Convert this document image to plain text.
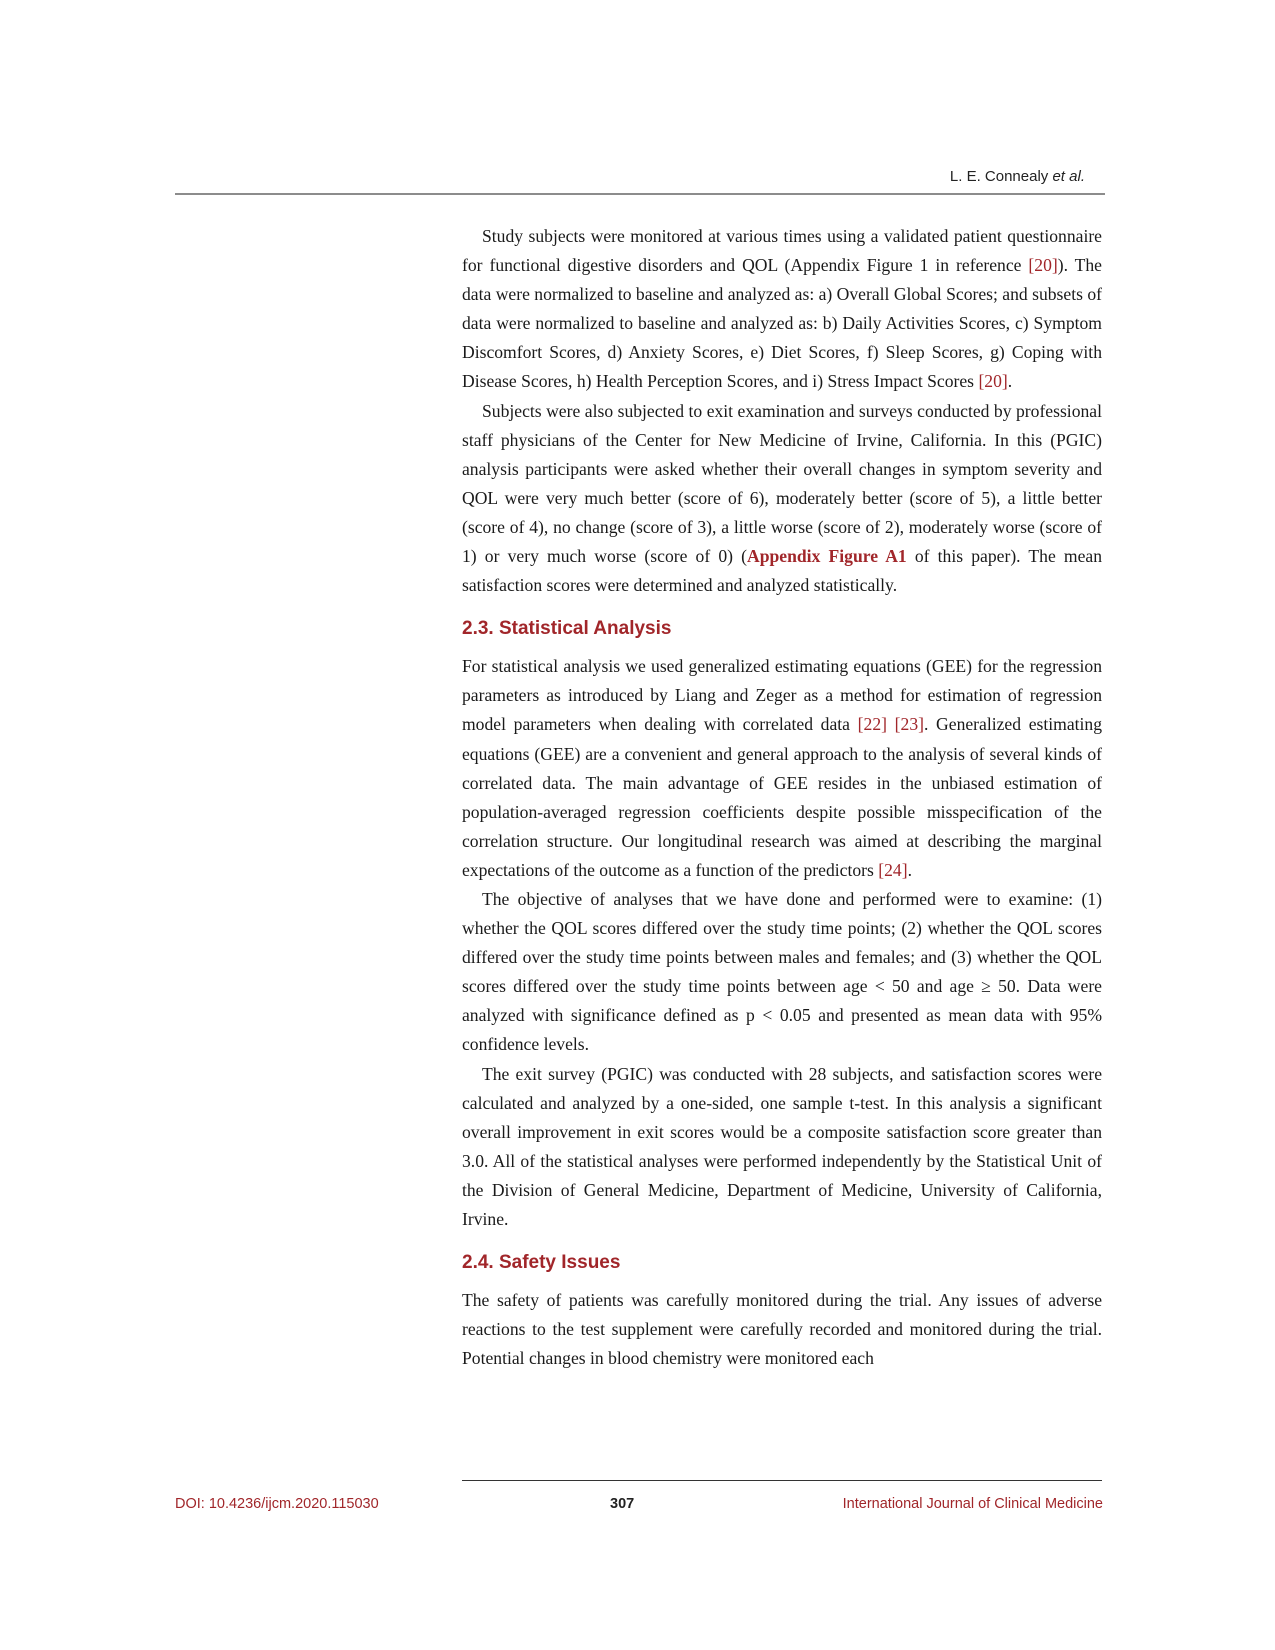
L. E. Connealy et al.

Study subjects were monitored at various times using a validated patient questionnaire for functional digestive disorders and QOL (Appendix Figure 1 in reference [20]). The data were normalized to baseline and analyzed as: a) Overall Global Scores; and subsets of data were normalized to baseline and analyzed as: b) Daily Activities Scores, c) Symptom Discomfort Scores, d) Anxiety Scores, e) Diet Scores, f) Sleep Scores, g) Coping with Disease Scores, h) Health Perception Scores, and i) Stress Impact Scores [20].

Subjects were also subjected to exit examination and surveys conducted by professional staff physicians of the Center for New Medicine of Irvine, California. In this (PGIC) analysis participants were asked whether their overall changes in symptom severity and QOL were very much better (score of 6), moderately better (score of 5), a little better (score of 4), no change (score of 3), a little worse (score of 2), moderately worse (score of 1) or very much worse (score of 0) (Appendix Figure A1 of this paper). The mean satisfaction scores were determined and analyzed statistically.

2.3. Statistical Analysis

For statistical analysis we used generalized estimating equations (GEE) for the regression parameters as introduced by Liang and Zeger as a method for estimation of regression model parameters when dealing with correlated data [22] [23]. Generalized estimating equations (GEE) are a convenient and general approach to the analysis of several kinds of correlated data. The main advantage of GEE resides in the unbiased estimation of population-averaged regression coefficients despite possible misspecification of the correlation structure. Our longitudinal research was aimed at describing the marginal expectations of the outcome as a function of the predictors [24].

The objective of analyses that we have done and performed were to examine: (1) whether the QOL scores differed over the study time points; (2) whether the QOL scores differed over the study time points between males and females; and (3) whether the QOL scores differed over the study time points between age < 50 and age ≥ 50. Data were analyzed with significance defined as p < 0.05 and presented as mean data with 95% confidence levels.

The exit survey (PGIC) was conducted with 28 subjects, and satisfaction scores were calculated and analyzed by a one-sided, one sample t-test. In this analysis a significant overall improvement in exit scores would be a composite satisfaction score greater than 3.0. All of the statistical analyses were performed independently by the Statistical Unit of the Division of General Medicine, Department of Medicine, University of California, Irvine.

2.4. Safety Issues

The safety of patients was carefully monitored during the trial. Any issues of adverse reactions to the test supplement were carefully recorded and monitored during the trial. Potential changes in blood chemistry were monitored each

DOI: 10.4236/ijcm.2020.115030	307	International Journal of Clinical Medicine
